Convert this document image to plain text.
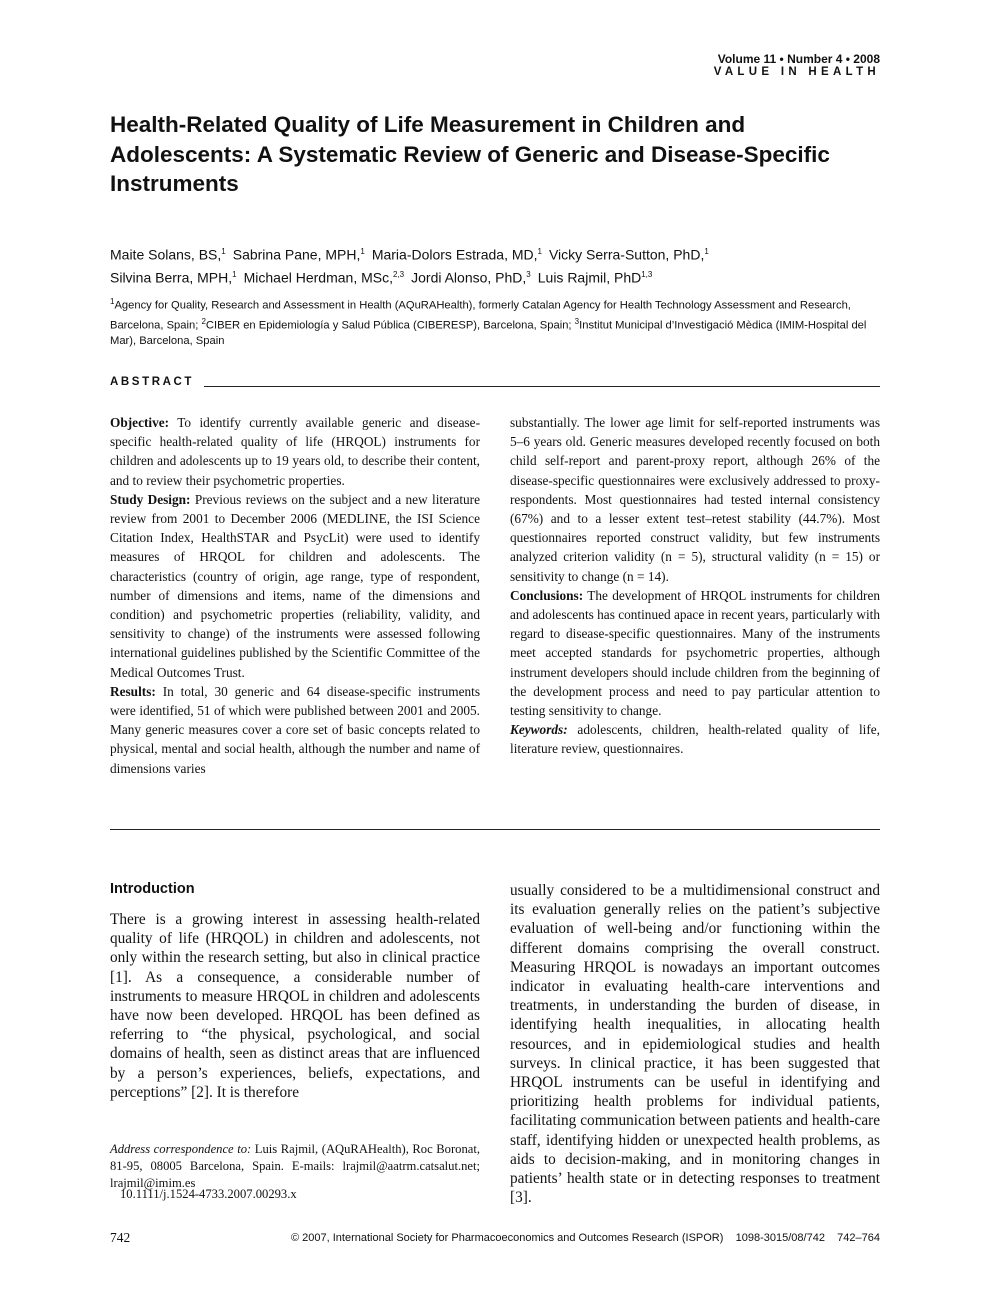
Volume 11 • Number 4 • 2008
VALUE IN HEALTH
Health-Related Quality of Life Measurement in Children and Adolescents: A Systematic Review of Generic and Disease-Specific Instruments
Maite Solans, BS,$^1$  Sabrina Pane, MPH,$^1$  Maria-Dolors Estrada, MD,$^1$  Vicky Serra-Sutton, PhD,$^1$
Silvina Berra, MPH,$^1$  Michael Herdman, MSc,$^{2,3}$  Jordi Alonso, PhD,$^3$  Luis Rajmil, PhD$^{1,3}$
$^1$Agency for Quality, Research and Assessment in Health (AQuRAHealth), formerly Catalan Agency for Health Technology Assessment and Research, Barcelona, Spain; $^2$CIBER en Epidemiología y Salud Pública (CIBERESP), Barcelona, Spain; $^3$Institut Municipal d’Investigació Mèdica (IMIM-Hospital del Mar), Barcelona, Spain
ABSTRACT

Objective: To identify currently available generic and disease-specific health-related quality of life (HRQOL) instruments for children and adolescents up to 19 years old, to describe their content, and to review their psychometric properties.

Study Design: Previous reviews on the subject and a new literature review from 2001 to December 2006 (MEDLINE, the ISI Science Citation Index, HealthSTAR and PsycLit) were used to identify measures of HRQOL for children and adolescents. The characteristics (country of origin, age range, type of respondent, number of dimensions and items, name of the dimensions and condition) and psychometric properties (reliability, validity, and sensitivity to change) of the instruments were assessed following international guidelines published by the Scientific Committee of the Medical Outcomes Trust.

Results: In total, 30 generic and 64 disease-specific instruments were identified, 51 of which were published between 2001 and 2005. Many generic measures cover a core set of basic concepts related to physical, mental and social health, although the number and name of dimensions varies

substantially. The lower age limit for self-reported instruments was 5–6 years old. Generic measures developed recently focused on both child self-report and parent-proxy report, although 26% of the disease-specific questionnaires were exclusively addressed to proxy-respondents. Most questionnaires had tested internal consistency (67%) and to a lesser extent test–retest stability (44.7%). Most questionnaires reported construct validity, but few instruments analyzed criterion validity (n = 5), structural validity (n = 15) or sensitivity to change (n = 14).

Conclusions: The development of HRQOL instruments for children and adolescents has continued apace in recent years, particularly with regard to disease-specific questionnaires. Many of the instruments meet accepted standards for psychometric properties, although instrument developers should include children from the beginning of the development process and need to pay particular attention to testing sensitivity to change.

Keywords: adolescents, children, health-related quality of life, literature review, questionnaires.

Introduction
There is a growing interest in assessing health-related quality of life (HRQOL) in children and adolescents, not only within the research setting, but also in clinical practice [1]. As a consequence, a considerable number of instruments to measure HRQOL in children and adolescents have now been developed. HRQOL has been defined as referring to “the physical, psychological, and social domains of health, seen as distinct areas that are influenced by a person’s experiences, beliefs, expectations, and perceptions” [2]. It is therefore
usually considered to be a multidimensional construct and its evaluation generally relies on the patient’s subjective evaluation of well-being and/or functioning within the different domains comprising the overall construct. Measuring HRQOL is nowadays an important outcomes indicator in evaluating health-care interventions and treatments, in understanding the burden of disease, in identifying health inequalities, in allocating health resources, and in epidemiological studies and health surveys. In clinical practice, it has been suggested that HRQOL instruments can be useful in identifying and prioritizing health problems for individual patients, facilitating communication between patients and health-care staff, identifying hidden or unexpected health problems, as aids to decision-making, and in monitoring changes in patients’ health state or in detecting responses to treatment [3].
Address correspondence to: Luis Rajmil, (AQuRAHealth), Roc Boronat, 81-95, 08005 Barcelona, Spain. E-mails: lrajmil@aatrm.catsalut.net; lrajmil@imim.es
10.1111/j.1524-4733.2007.00293.x
742	© 2007, International Society for Pharmacoeconomics and Outcomes Research (ISPOR)    1098-3015/08/742    742–764
